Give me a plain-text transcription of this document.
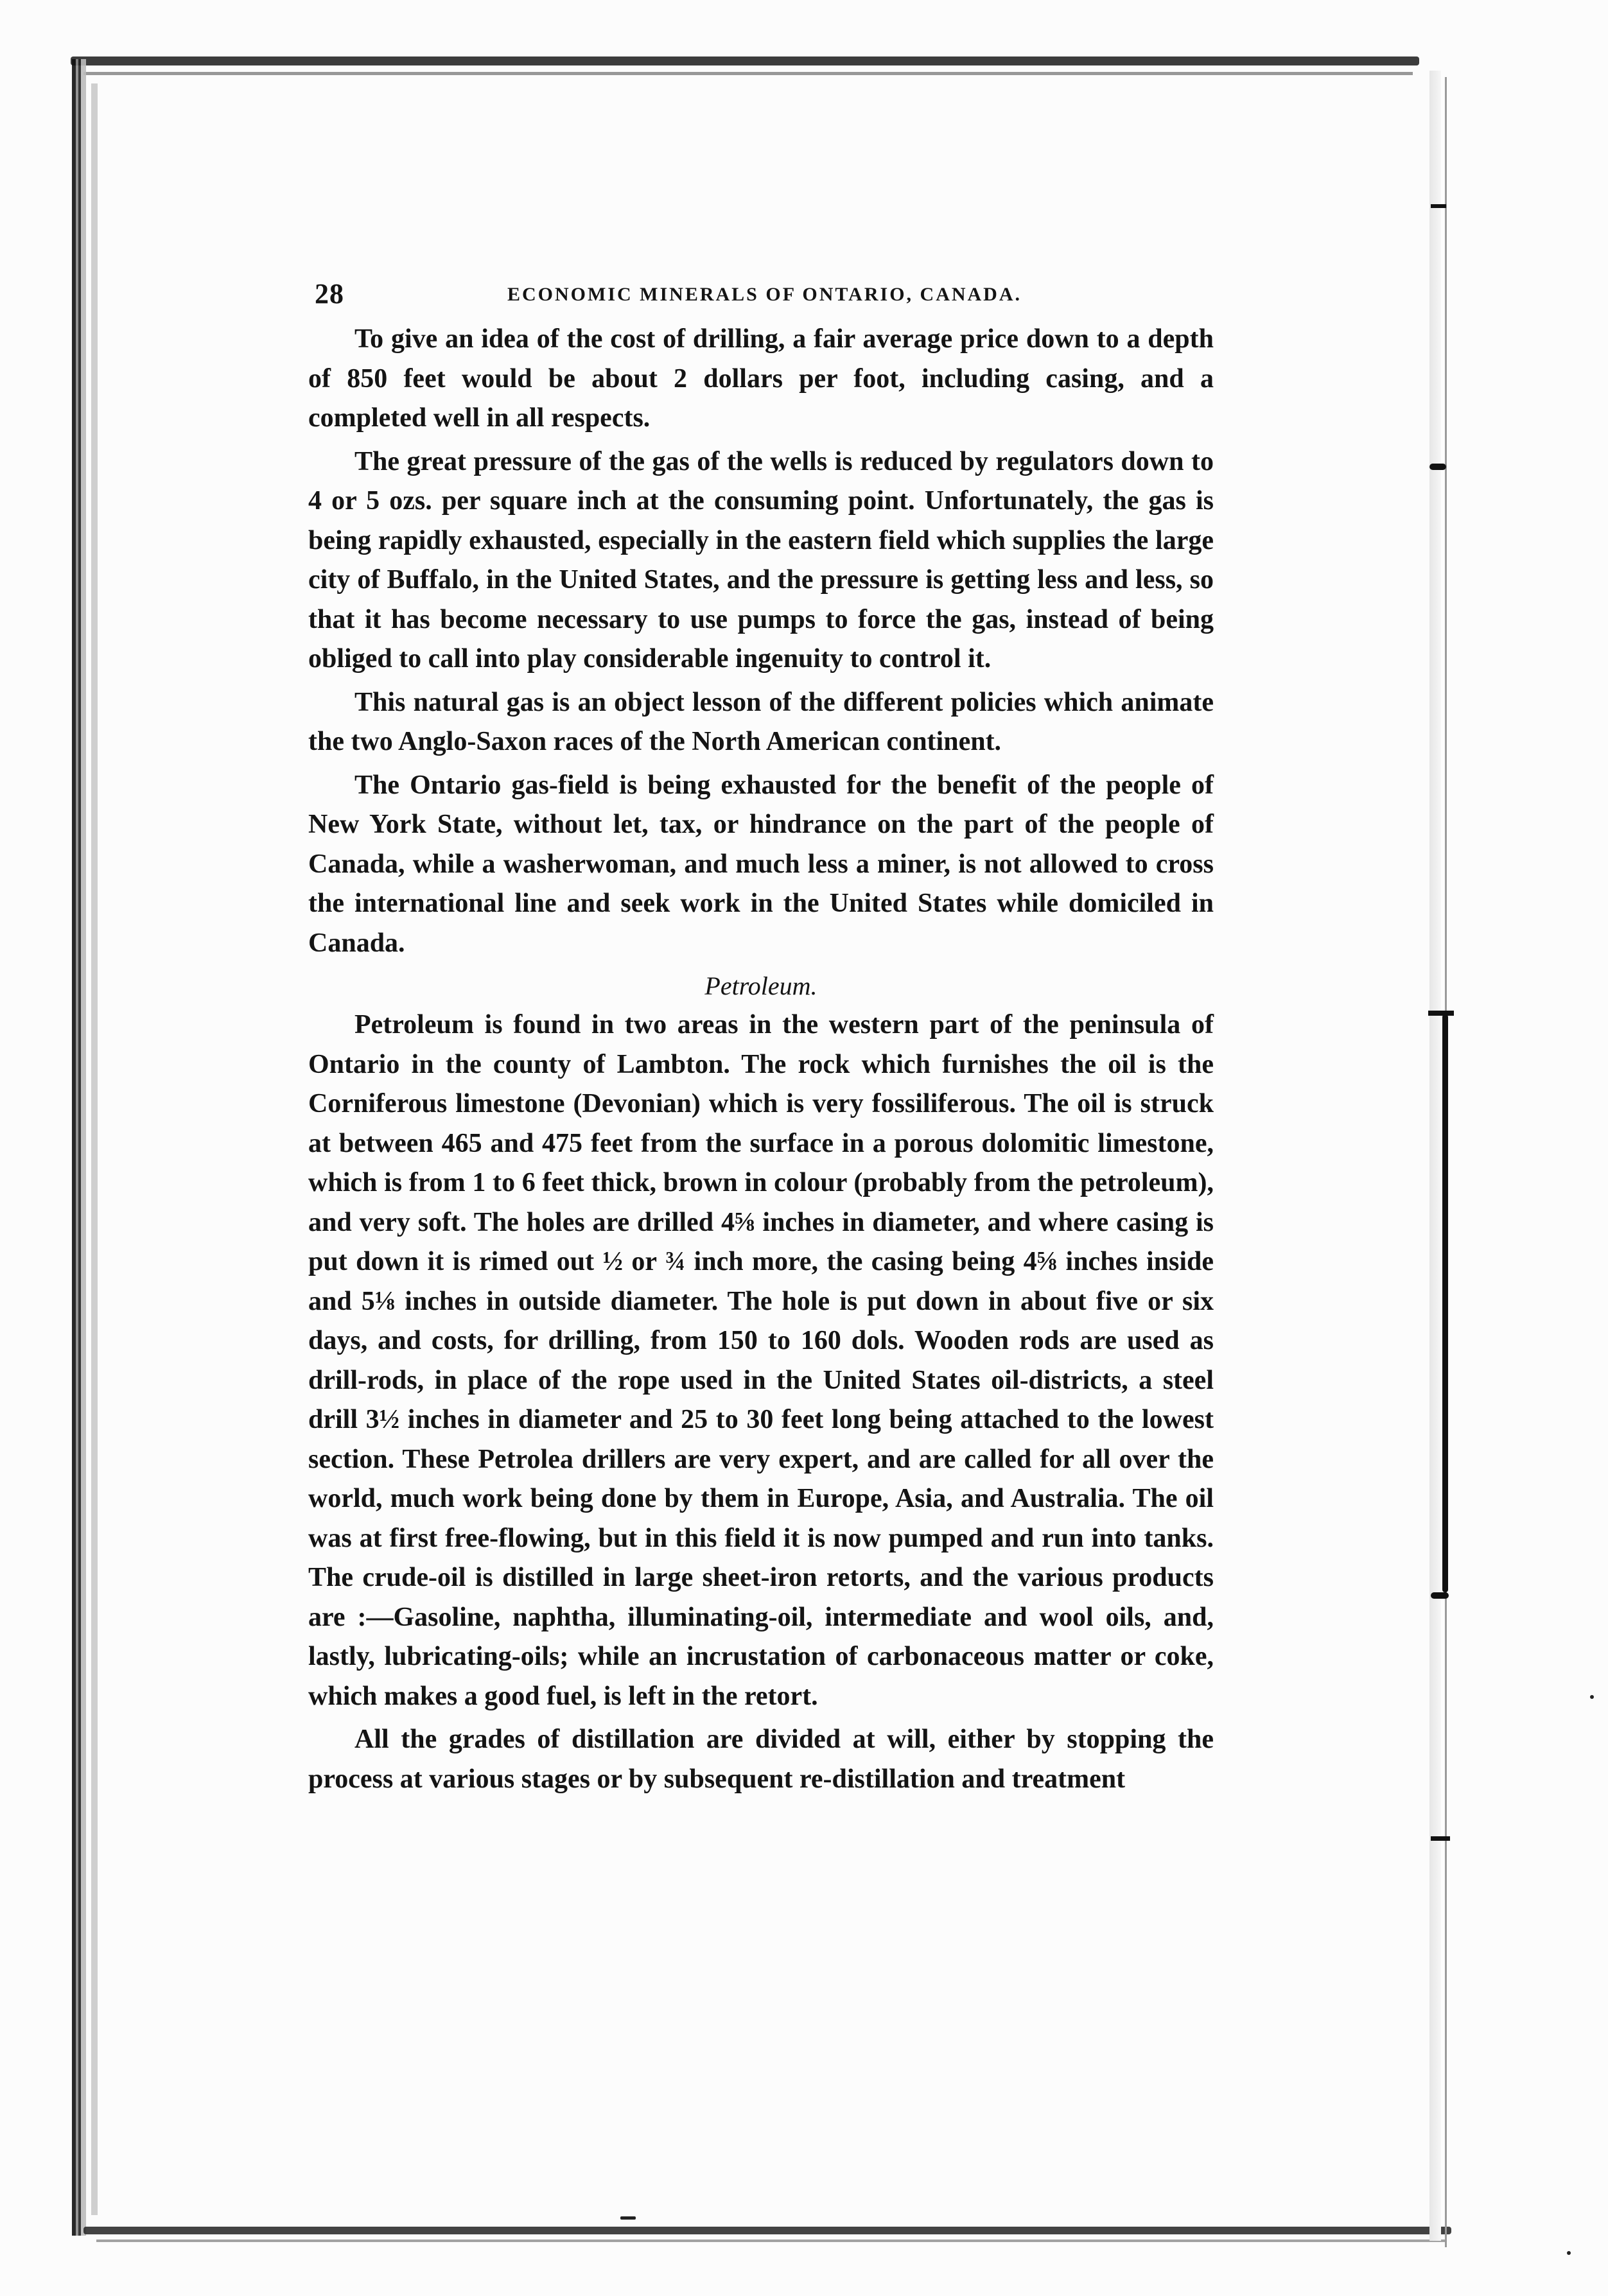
28	ECONOMIC MINERALS OF ONTARIO, CANADA.

To give an idea of the cost of drilling, a fair average price down to a depth of 850 feet would be about 2 dollars per foot, including casing, and a completed well in all respects.

The great pressure of the gas of the wells is reduced by regulators down to 4 or 5 ozs. per square inch at the consuming point. Unfortunately, the gas is being rapidly exhausted, especially in the eastern field which supplies the large city of Buffalo, in the United States, and the pressure is getting less and less, so that it has become necessary to use pumps to force the gas, instead of being obliged to call into play considerable ingenuity to control it.

This natural gas is an object lesson of the different policies which animate the two Anglo-Saxon races of the North American continent.

The Ontario gas-field is being exhausted for the benefit of the people of New York State, without let, tax, or hindrance on the part of the people of Canada, while a washerwoman, and much less a miner, is not allowed to cross the international line and seek work in the United States while domiciled in Canada.

Petroleum.

Petroleum is found in two areas in the western part of the peninsula of Ontario in the county of Lambton. The rock which furnishes the oil is the Corniferous limestone (Devonian) which is very fossiliferous. The oil is struck at between 465 and 475 feet from the surface in a porous dolomitic limestone, which is from 1 to 6 feet thick, brown in colour (probably from the petroleum), and very soft. The holes are drilled 4⅝ inches in diameter, and where casing is put down it is rimed out ½ or ¾ inch more, the casing being 4⅝ inches inside and 5⅛ inches in outside diameter. The hole is put down in about five or six days, and costs, for drilling, from 150 to 160 dols. Wooden rods are used as drill-rods, in place of the rope used in the United States oil-districts, a steel drill 3½ inches in diameter and 25 to 30 feet long being attached to the lowest section. These Petrolea drillers are very expert, and are called for all over the world, much work being done by them in Europe, Asia, and Australia. The oil was at first free-flowing, but in this field it is now pumped and run into tanks. The crude-oil is distilled in large sheet-iron retorts, and the various products are :—Gasoline, naphtha, illuminating-oil, intermediate and wool oils, and, lastly, lubricating-oils; while an incrustation of carbonaceous matter or coke, which makes a good fuel, is left in the retort.

All the grades of distillation are divided at will, either by stopping the process at various stages or by subsequent re-distillation and treatment
